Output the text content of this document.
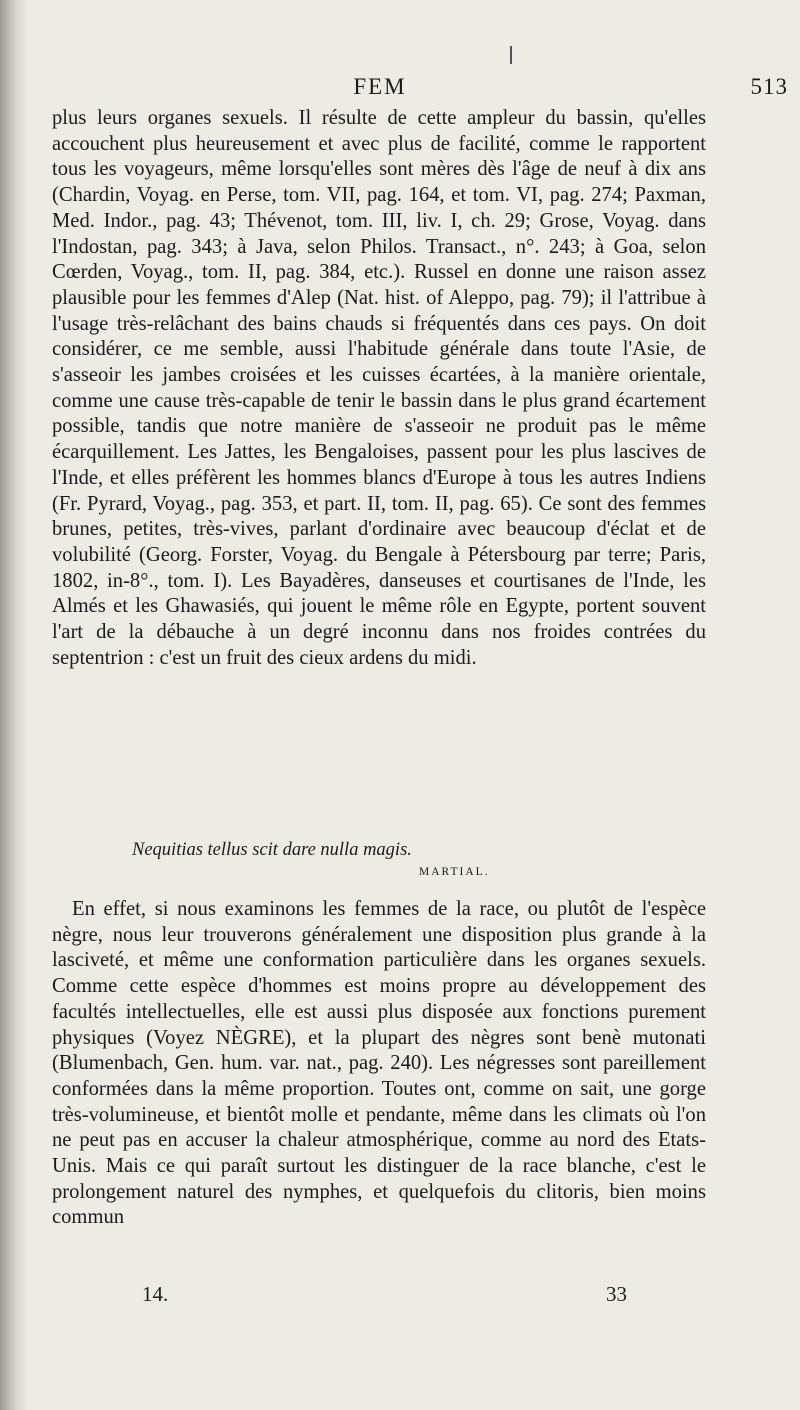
FEM	513

plus leurs organes sexuels. Il résulte de cette ampleur du bassin, qu'elles accouchent plus heureusement et avec plus de facilité, comme le rapportent tous les voyageurs, même lorsqu'elles sont mères dès l'âge de neuf à dix ans (Chardin, Voyag. en Perse, tom. VII, pag. 164, et tom. VI, pag. 274; Paxman, Med. Indor., pag. 43; Thévenot, tom. III, liv. I, ch. 29; Grose, Voyag. dans l'Indostan, pag. 343; à Java, selon Philos. Transact., n°. 243; à Goa, selon Cœrden, Voyag., tom. II, pag. 384, etc.). Russel en donne une raison assez plausible pour les femmes d'Alep (Nat. hist. of Aleppo, pag. 79); il l'attribue à l'usage très-relâchant des bains chauds si fréquentés dans ces pays. On doit considérer, ce me semble, aussi l'habitude générale dans toute l'Asie, de s'asseoir les jambes croisées et les cuisses écartées, à la manière orientale, comme une cause très-capable de tenir le bassin dans le plus grand écartement possible, tandis que notre manière de s'asseoir ne produit pas le même écarquillement. Les Jattes, les Bengaloises, passent pour les plus lascives de l'Inde, et elles préfèrent les hommes blancs d'Europe à tous les autres Indiens (Fr. Pyrard, Voyag., pag. 353, et part. II, tom. II, pag. 65). Ce sont des femmes brunes, petites, très-vives, parlant d'ordinaire avec beaucoup d'éclat et de volubilité (Georg. Forster, Voyag. du Bengale à Pétersbourg par terre; Paris, 1802, in-8°., tom. I). Les Bayadères, danseuses et courtisanes de l'Inde, les Almés et les Ghawasiés, qui jouent le même rôle en Egypte, portent souvent l'art de la débauche à un degré inconnu dans nos froides contrées du septentrion : c'est un fruit des cieux ardens du midi.

Nequitias tellus scit dare nulla magis.
MARTIAL.

En effet, si nous examinons les femmes de la race, ou plutôt de l'espèce nègre, nous leur trouverons généralement une disposition plus grande à la lasciveté, et même une conformation particulière dans les organes sexuels. Comme cette espèce d'hommes est moins propre au développement des facultés intellectuelles, elle est aussi plus disposée aux fonctions purement physiques (Voyez NÈGRE), et la plupart des nègres sont benè mutonati (Blumenbach, Gen. hum. var. nat., pag. 240). Les négresses sont pareillement conformées dans la même proportion. Toutes ont, comme on sait, une gorge très-volumineuse, et bientôt molle et pendante, même dans les climats où l'on ne peut pas en accuser la chaleur atmosphérique, comme au nord des Etats-Unis. Mais ce qui paraît surtout les distinguer de la race blanche, c'est le prolongement naturel des nymphes, et quelquefois du clitoris, bien moins commun

14.	33
